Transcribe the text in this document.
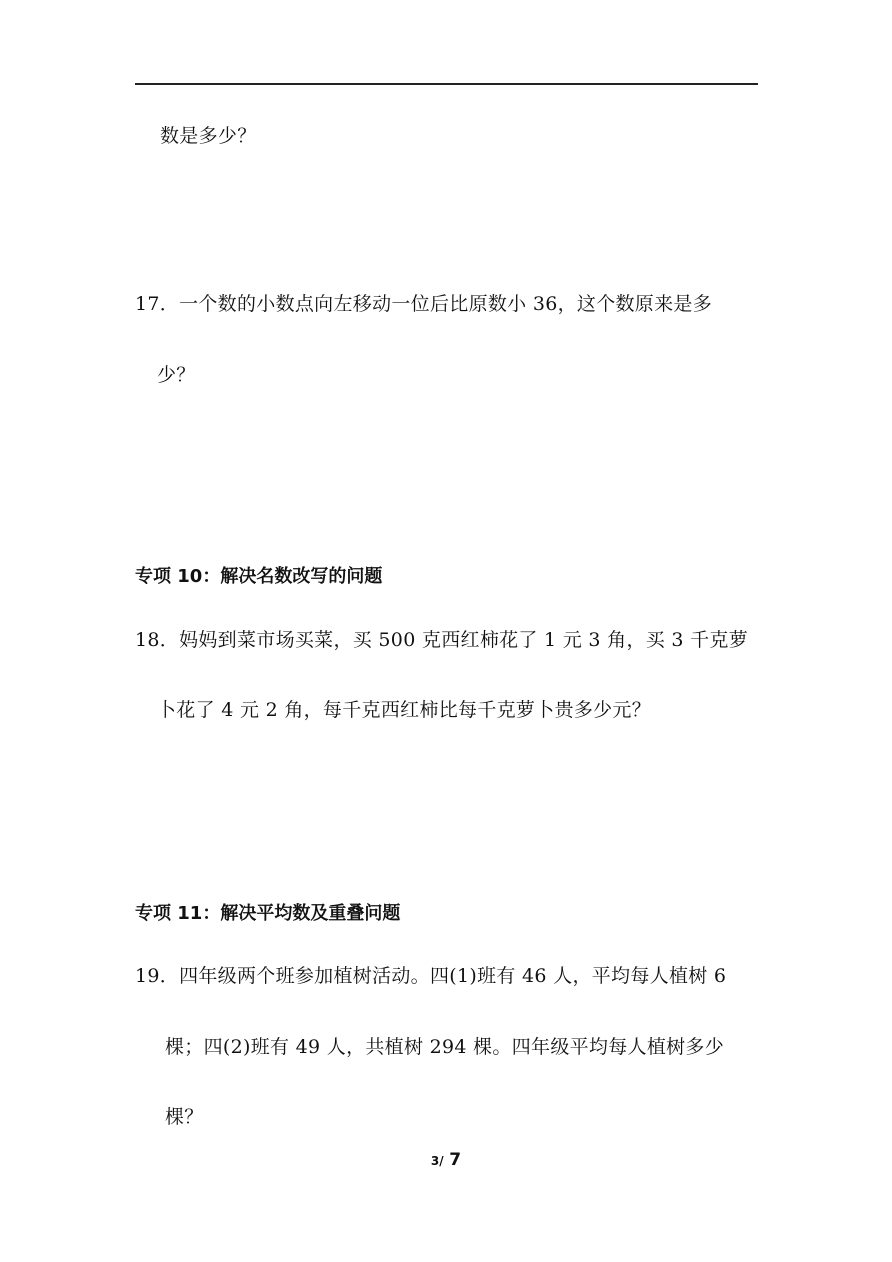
数是多少？
17．一个数的小数点向左移动一位后比原数小 36，这个数原来是多
少？
专项 10：解决名数改写的问题
18．妈妈到菜市场买菜，买 500 克西红柿花了 1 元 3 角，买 3 千克萝
卜花了 4 元 2 角，每千克西红柿比每千克萝卜贵多少元？
专项 11：解决平均数及重叠问题
19．四年级两个班参加植树活动。四(1)班有 46 人，平均每人植树 6
棵；四(2)班有 49 人，共植树 294 棵。四年级平均每人植树多少
棵？
3/ 7
